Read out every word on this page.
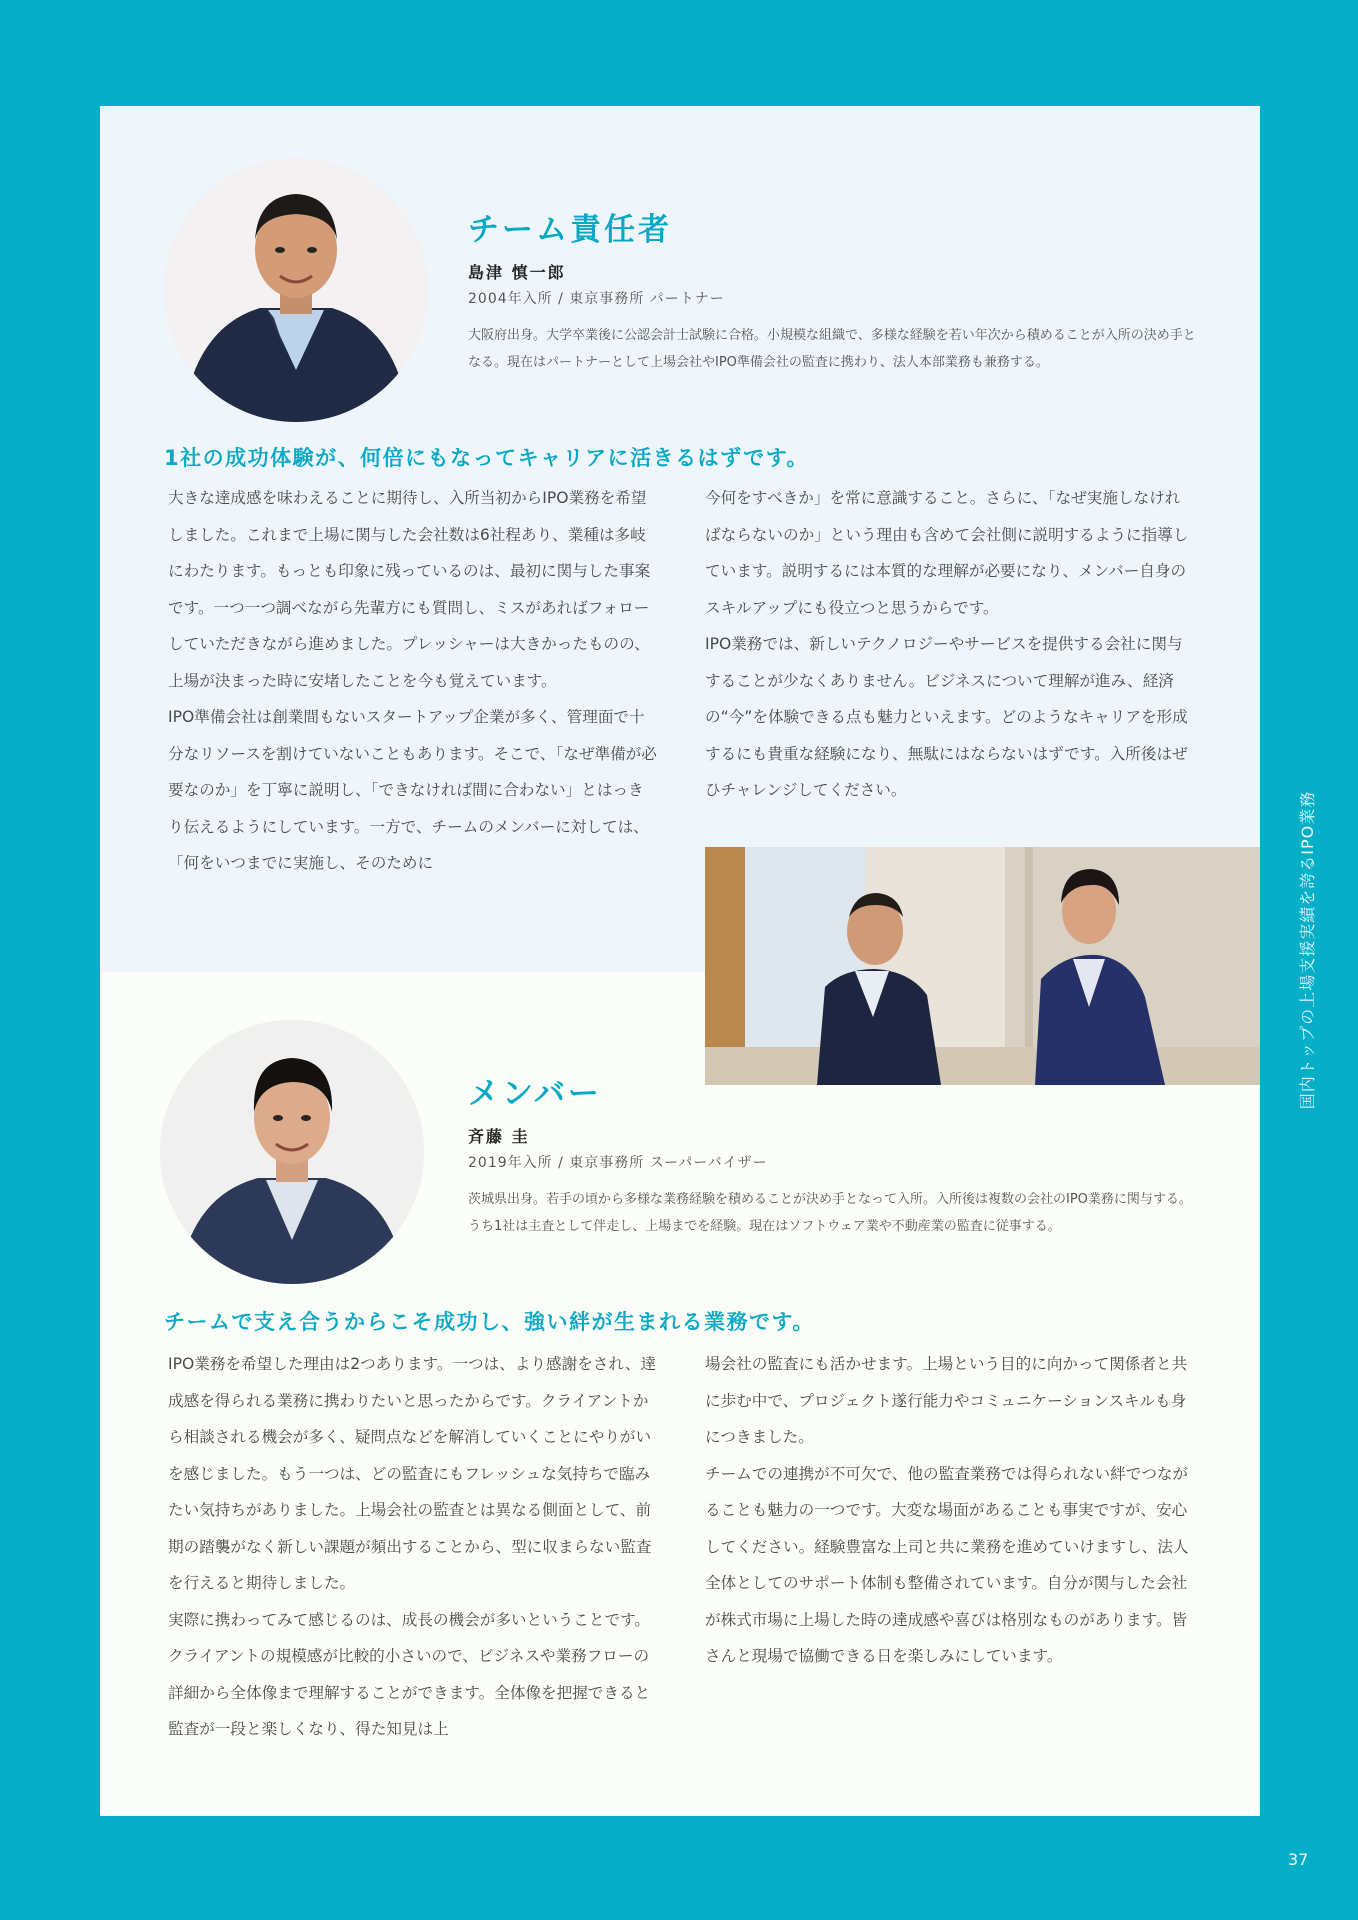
チーム責任者
島津 慎一郎
2004年入所 / 東京事務所 パートナー

大阪府出身。大学卒業後に公認会計士試験に合格。小規模な組織で、多様な経験を若い年次から積めることが入所の決め手となる。現在はパートナーとして上場会社やIPO準備会社の監査に携わり、法人本部業務も兼務する。

1社の成功体験が、何倍にもなってキャリアに活きるはずです。

大きな達成感を味わえることに期待し、入所当初からIPO業務を希望しました。これまで上場に関与した会社数は6社程あり、業種は多岐にわたります。もっとも印象に残っているのは、最初に関与した事案です。一つ一つ調べながら先輩方にも質問し、ミスがあればフォローしていただきながら進めました。プレッシャーは大きかったものの、上場が決まった時に安堵したことを今も覚えています。

IPO準備会社は創業間もないスタートアップ企業が多く、管理面で十分なリソースを割けていないこともあります。そこで、「なぜ準備が必要なのか」を丁寧に説明し、「できなければ間に合わない」とはっきり伝えるようにしています。一方で、チームのメンバーに対しては、「何をいつまでに実施し、そのために

今何をすべきか」を常に意識すること。さらに、「なぜ実施しなければならないのか」という理由も含めて会社側に説明するように指導しています。説明するには本質的な理解が必要になり、メンバー自身のスキルアップにも役立つと思うからです。

IPO業務では、新しいテクノロジーやサービスを提供する会社に関与することが少なくありません。ビジネスについて理解が進み、経済の“今”を体験できる点も魅力といえます。どのようなキャリアを形成するにも貴重な経験になり、無駄にはならないはずです。入所後はぜひチャレンジしてください。

メンバー
斉藤 圭
2019年入所 / 東京事務所 スーパーバイザー

茨城県出身。若手の頃から多様な業務経験を積めることが決め手となって入所。入所後は複数の会社のIPO業務に関与する。うち1社は主査として伴走し、上場までを経験。現在はソフトウェア業や不動産業の監査に従事する。

チームで支え合うからこそ成功し、強い絆が生まれる業務です。

IPO業務を希望した理由は2つあります。一つは、より感謝をされ、達成感を得られる業務に携わりたいと思ったからです。クライアントから相談される機会が多く、疑問点などを解消していくことにやりがいを感じました。もう一つは、どの監査にもフレッシュな気持ちで臨みたい気持ちがありました。上場会社の監査とは異なる側面として、前期の踏襲がなく新しい課題が頻出することから、型に収まらない監査を行えると期待しました。

実際に携わってみて感じるのは、成長の機会が多いということです。クライアントの規模感が比較的小さいので、ビジネスや業務フローの詳細から全体像まで理解することができます。全体像を把握できると監査が一段と楽しくなり、得た知見は上

場会社の監査にも活かせます。上場という目的に向かって関係者と共に歩む中で、プロジェクト遂行能力やコミュニケーションスキルも身につきました。

チームでの連携が不可欠で、他の監査業務では得られない絆でつながることも魅力の一つです。大変な場面があることも事実ですが、安心してください。経験豊富な上司と共に業務を進めていけますし、法人全体としてのサポート体制も整備されています。自分が関与した会社が株式市場に上場した時の達成感や喜びは格別なものがあります。皆さんと現場で協働できる日を楽しみにしています。

国内トップの上場支援実績を誇るIPO業務
37
